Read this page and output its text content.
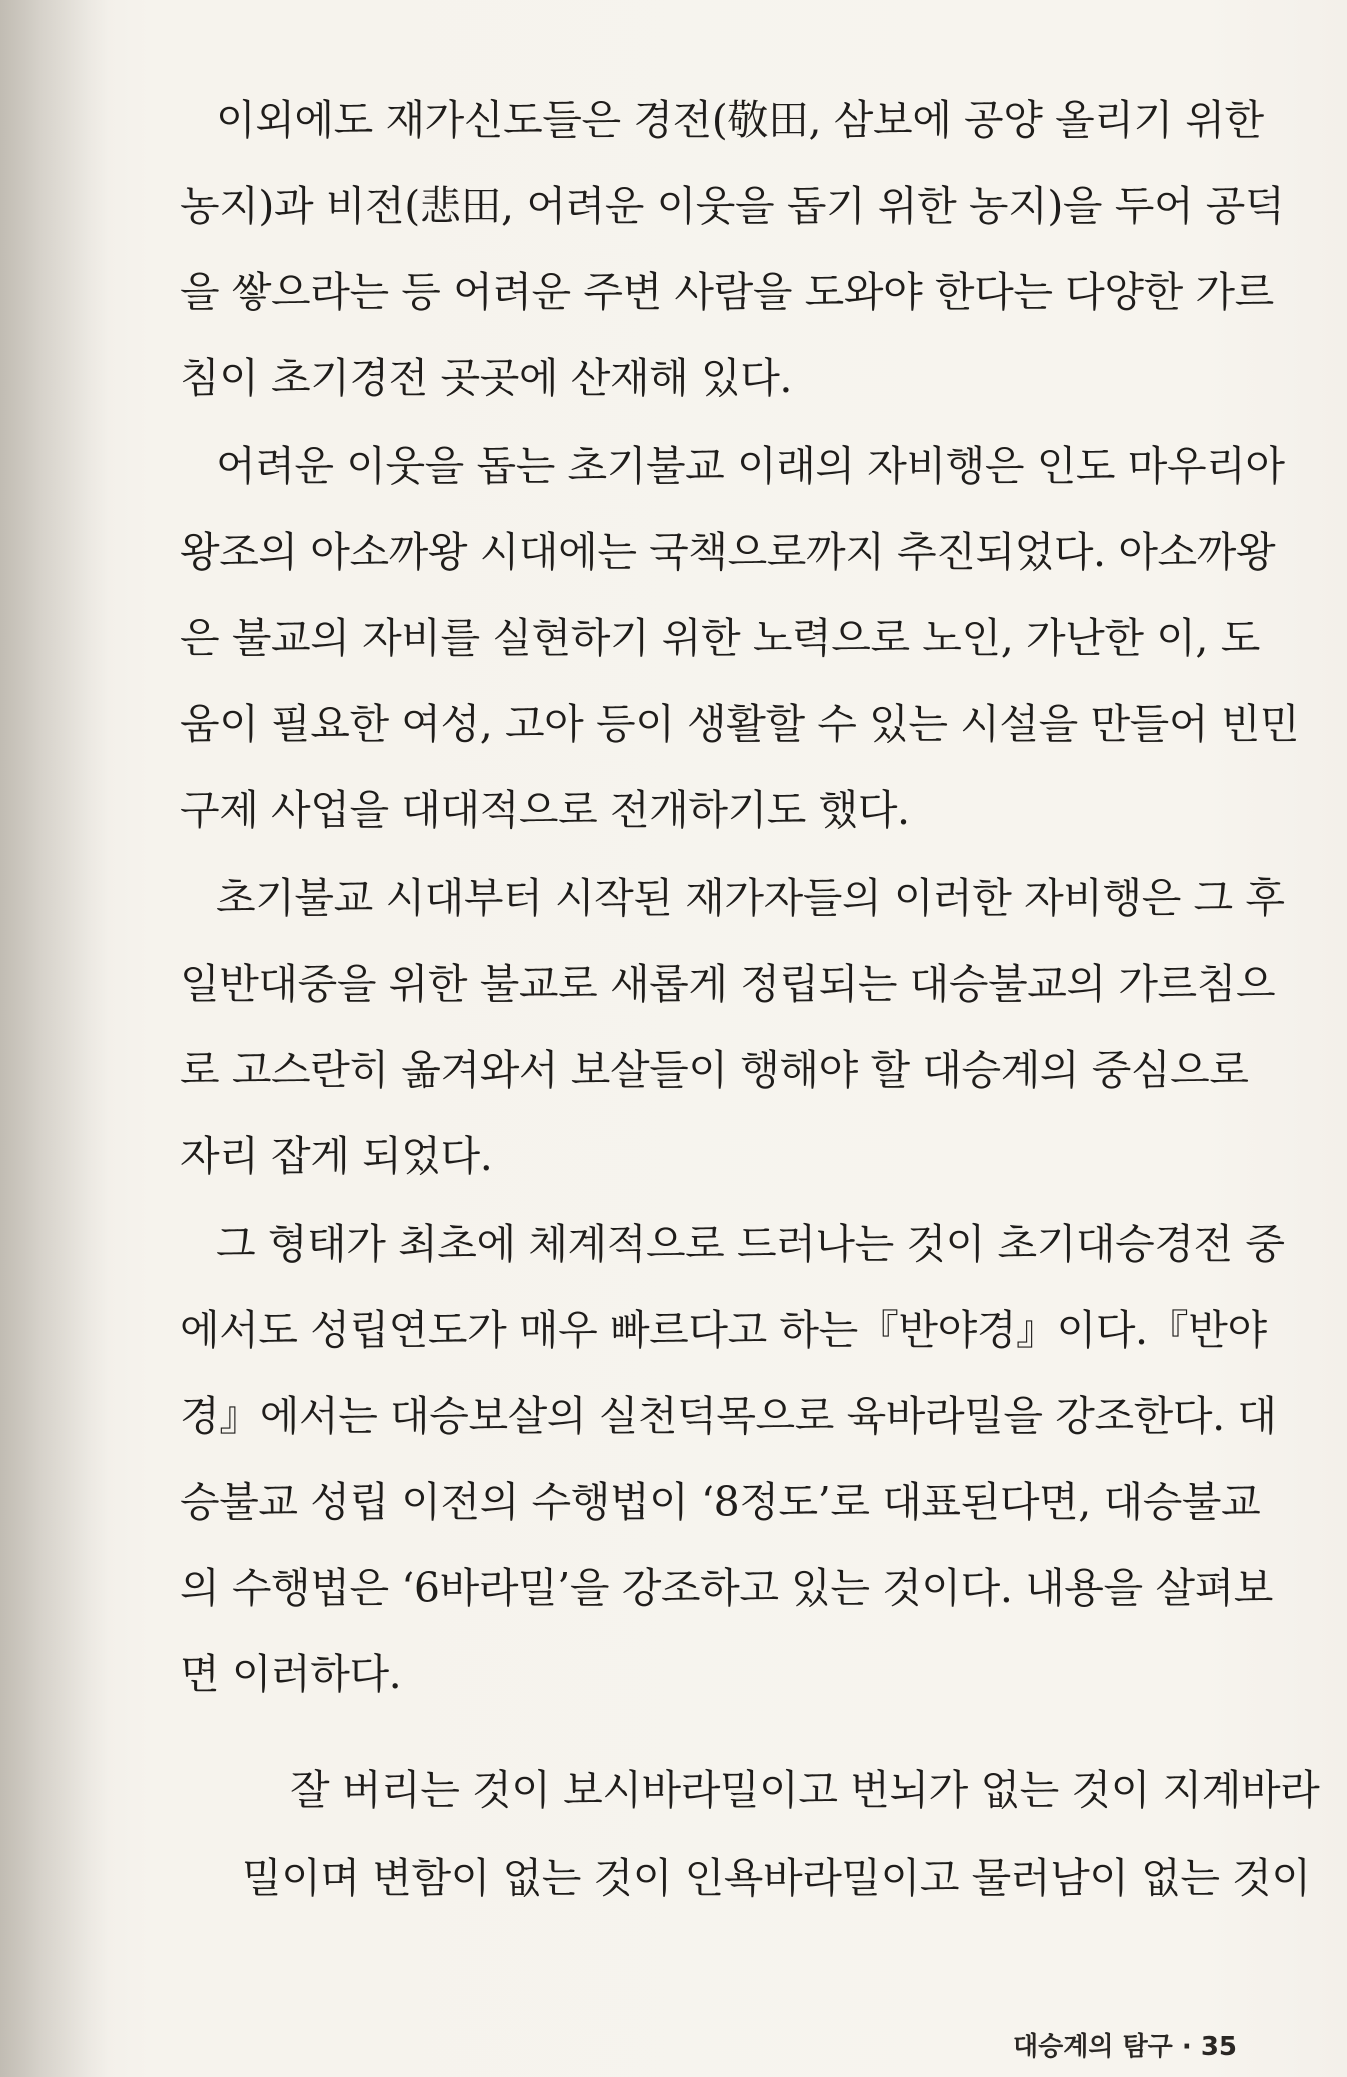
이외에도 재가신도들은 경전(敬田, 삼보에 공양 올리기 위한
농지)과 비전(悲田, 어려운 이웃을 돕기 위한 농지)을 두어 공덕
을 쌓으라는 등 어려운 주변 사람을 도와야 한다는 다양한 가르
침이 초기경전 곳곳에 산재해 있다.
어려운 이웃을 돕는 초기불교 이래의 자비행은 인도 마우리아
왕조의 아소까왕 시대에는 국책으로까지 추진되었다. 아소까왕
은 불교의 자비를 실현하기 위한 노력으로 노인, 가난한 이, 도
움이 필요한 여성, 고아 등이 생활할 수 있는 시설을 만들어 빈민
구제 사업을 대대적으로 전개하기도 했다.
초기불교 시대부터 시작된 재가자들의 이러한 자비행은 그 후
일반대중을 위한 불교로 새롭게 정립되는 대승불교의 가르침으
로 고스란히 옮겨와서 보살들이 행해야 할 대승계의 중심으로
자리 잡게 되었다.
그 형태가 최초에 체계적으로 드러나는 것이 초기대승경전 중
에서도 성립연도가 매우 빠르다고 하는『반야경』이다.『반야
경』에서는 대승보살의 실천덕목으로 육바라밀을 강조한다. 대
승불교 성립 이전의 수행법이 ‘8정도’로 대표된다면, 대승불교
의 수행법은 ‘6바라밀’을 강조하고 있는 것이다. 내용을 살펴보
면 이러하다.
잘 버리는 것이 보시바라밀이고 번뇌가 없는 것이 지계바라
밀이며 변함이 없는 것이 인욕바라밀이고 물러남이 없는 것이
대승계의 탐구 · 35
